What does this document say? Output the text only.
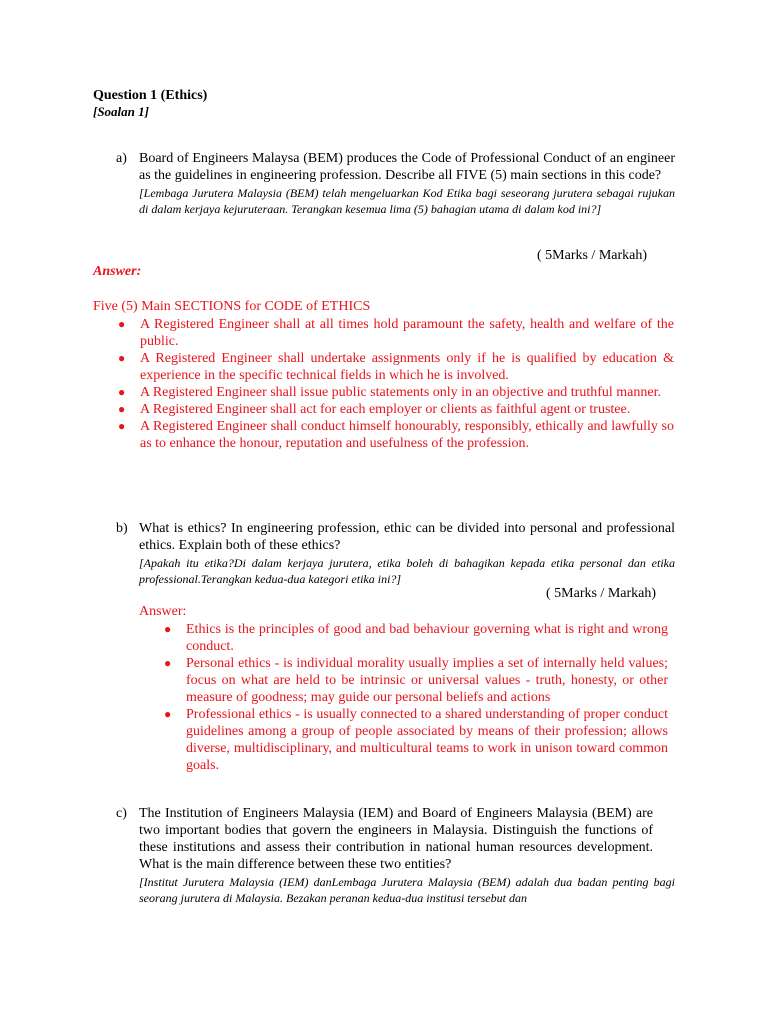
Question 1 (Ethics)
[Soalan 1]
a) Board of Engineers Malaysa (BEM) produces the Code of Professional Conduct of an engineer as the guidelines in engineering profession. Describe all FIVE (5) main sections in this code?
[Lembaga Jurutera Malaysia (BEM) telah mengeluarkan Kod Etika bagi seseorang jurutera sebagai rujukan di dalam kerjaya kejuruteraan. Terangkan kesemua lima (5) bahagian utama di dalam kod ini?]
( 5Marks / Markah)
Answer:
Five (5) Main SECTIONS for CODE of ETHICS
● A Registered Engineer shall at all times hold paramount the safety, health and welfare of the public.
● A Registered Engineer shall undertake assignments only if he is qualified by education & experience in the specific technical fields in which he is involved.
● A Registered Engineer shall issue public statements only in an objective and truthful manner.
● A Registered Engineer shall act for each employer or clients as faithful agent or trustee.
● A Registered Engineer shall conduct himself honourably, responsibly, ethically and lawfully so as to enhance the honour, reputation and usefulness of the profession.
b) What is ethics? In engineering profession, ethic can be divided into personal and professional ethics. Explain both of these ethics?
[Apakah itu etika?Di dalam kerjaya jurutera, etika boleh di bahagikan kepada etika personal dan etika professional.Terangkan kedua-dua kategori etika ini?]
( 5Marks / Markah)
Answer:
● Ethics is the principles of good and bad behaviour governing what is right and wrong conduct.
● Personal ethics - is individual morality usually implies a set of internally held values; focus on what are held to be intrinsic or universal values - truth, honesty, or other measure of goodness; may guide our personal beliefs and actions
● Professional ethics - is usually connected to a shared understanding of proper conduct guidelines among a group of people associated by means of their profession; allows diverse, multidisciplinary, and multicultural teams to work in unison toward common goals.
c) The Institution of Engineers Malaysia (IEM) and Board of Engineers Malaysia (BEM) are two important bodies that govern the engineers in Malaysia. Distinguish the functions of these institutions and assess their contribution in national human resources development. What is the main difference between these two entities?
[Institut Jurutera Malaysia (IEM) danLembaga Jurutera Malaysia (BEM) adalah dua badan penting bagi seorang jurutera di Malaysia. Bezakan peranan kedua-dua institusi tersebut dan
